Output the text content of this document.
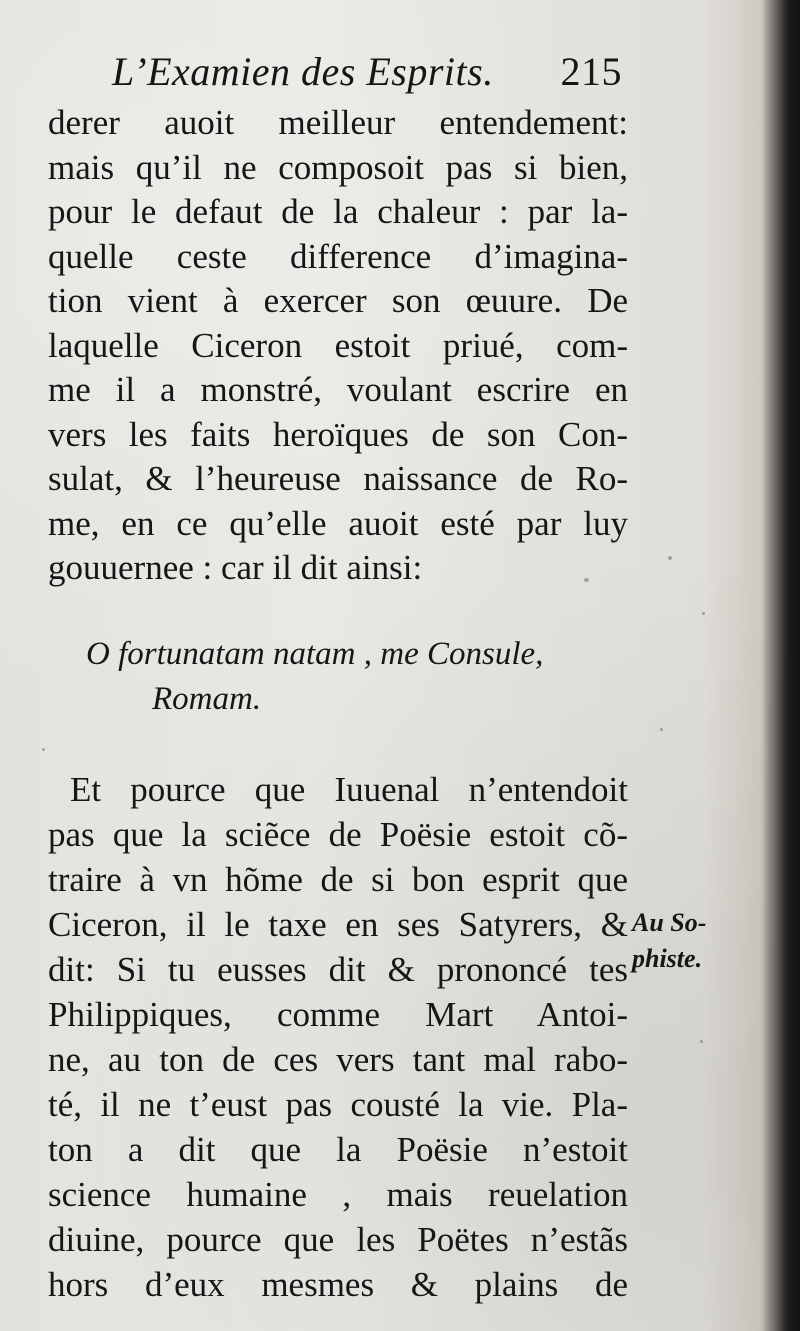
L’Examien des Esprits. 215
derer auoit meilleur entendement:
mais qu’il ne composoit pas si bien,
pour le defaut de la chaleur : par la-
quelle ceste difference d’imagina-
tion vient à exercer son œuure. De
laquelle Ciceron estoit priué, com-
me il a monstré, voulant escrire en
vers les faits heroïques de son Con-
sulat, & l’heureuse naissance de Ro-
me, en ce qu’elle auoit esté par luy
gouuernee : car il dit ainsi:
O fortunatam natam , me Consule,
Romam.
Et pource que Iuuenal n’entendoit
pas que la sciẽce de Poësie estoit cõ-
traire à vn hõme de si bon esprit que
Ciceron, il le taxe en ses Satyrers, &
dit: Si tu eusses dit & prononcé tes
Philippiques, comme Mart Antoi-
ne, au ton de ces vers tant mal rabo-
té, il ne t’eust pas cousté la vie. Pla-
ton a dit que la Poësie n’estoit
science humaine , mais reuelation
diuine, pource que les Poëtes n’estãs
hors d’eux mesmes & plains de
Au So-
phiste.
